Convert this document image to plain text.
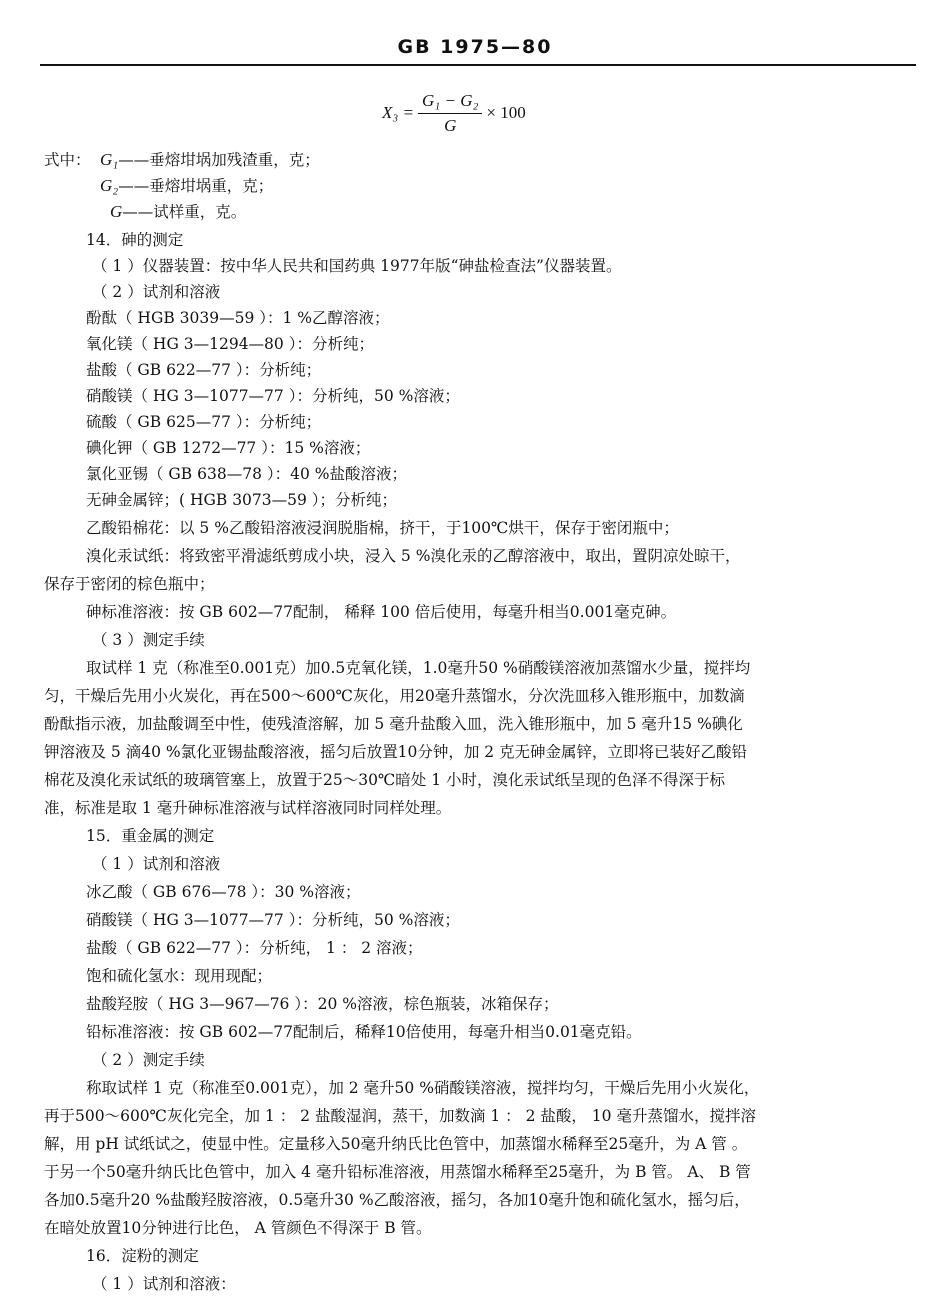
GB 1975—80
$X_3 = \frac{\text{G₁ − G₂}}{G} \times 100$
式中： G₁——垂熔坩埚加残渣重，克；
G₂——垂熔坩埚重，克；
G——试样重，克。
14．砷的测定
（ 1 ）仪器装置：按中华人民共和国药典 1977年版“砷盐检查法”仪器装置。
（ 2 ）试剂和溶液
酚酞（ HGB 3039—59 ）：1 %乙醇溶液；
氧化镁（ HG 3—1294—80 ）：分析纯；
盐酸（ GB 622—77 ）：分析纯；
硝酸镁（ HG 3—1077—77 ）：分析纯，50 %溶液；
硫酸（ GB 625—77 ）：分析纯；
碘化钾（ GB 1272—77 ）：15 %溶液；
氯化亚锡（ GB 638—78 ）：40 %盐酸溶液；
无砷金属锌；( HGB 3073—59 ）；分析纯；
乙酸铅棉花：以 5 %乙酸铅溶液浸润脱脂棉，挤干，于100℃烘干，保存于密闭瓶中；
溴化汞试纸：将致密平滑滤纸剪成小块，浸入 5 %溴化汞的乙醇溶液中，取出，置阴凉处晾干，
保存于密闭的棕色瓶中；
砷标准溶液：按 GB 602—77配制， 稀释 100 倍后使用，每毫升相当0.001毫克砷。
（ 3 ）测定手续
取试样 1 克（称准至0.001克）加0.5克氧化镁，1.0毫升50 %硝酸镁溶液加蒸馏水少量，搅拌均
匀，干燥后先用小火炭化，再在500～600℃灰化，用20毫升蒸馏水，分次洗皿移入锥形瓶中，加数滴
酚酞指示液，加盐酸调至中性，使残渣溶解，加 5 毫升盐酸入皿，洗入锥形瓶中，加 5 毫升15 %碘化
钾溶液及 5 滴40 %氯化亚锡盐酸溶液，摇匀后放置10分钟，加 2 克无砷金属锌，立即将已装好乙酸铅
棉花及溴化汞试纸的玻璃管塞上，放置于25～30℃暗处 1 小时，溴化汞试纸呈现的色泽不得深于标
准，标准是取 1 毫升砷标准溶液与试样溶液同时同样处理。
15．重金属的测定
（ 1 ）试剂和溶液
冰乙酸（ GB 676—78 ）：30 %溶液；
硝酸镁（ HG 3—1077—77 ）：分析纯，50 %溶液；
盐酸（ GB 622—77 ）：分析纯， 1 ： 2 溶液；
饱和硫化氢水：现用现配；
盐酸羟胺（ HG 3—967—76 ）：20 %溶液，棕色瓶装，冰箱保存；
铅标准溶液：按 GB 602—77配制后，稀释10倍使用，每毫升相当0.01毫克铅。
（ 2 ）测定手续
称取试样 1 克（称准至0.001克），加 2 毫升50 %硝酸镁溶液，搅拌均匀，干燥后先用小火炭化，
再于500～600℃灰化完全，加 1 ： 2 盐酸湿润，蒸干，加数滴 1 ： 2 盐酸， 10 毫升蒸馏水，搅拌溶
解，用 pH 试纸试之，使显中性。定量移入50毫升纳氏比色管中，加蒸馏水稀释至25毫升，为 A 管 。
于另一个50毫升纳氏比色管中，加入 4 毫升铅标准溶液，用蒸馏水稀释至25毫升，为 B 管。 A、 B 管
各加0.5毫升20 %盐酸羟胺溶液，0.5毫升30 %乙酸溶液，摇匀，各加10毫升饱和硫化氢水，摇匀后，
在暗处放置10分钟进行比色， A 管颜色不得深于 B 管。
16．淀粉的测定
（ 1 ）试剂和溶液：
